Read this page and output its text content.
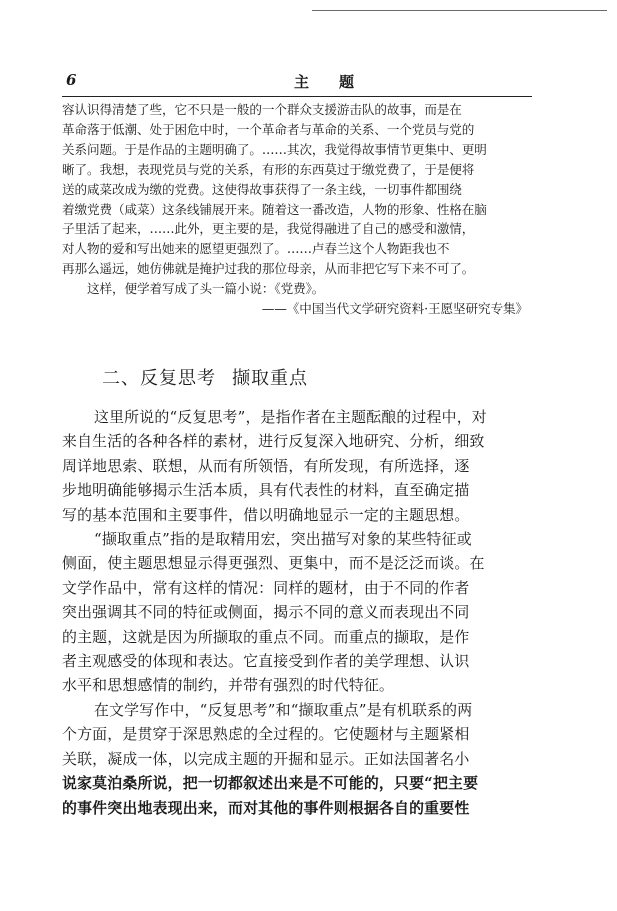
6	主题
容认识得清楚了些，它不只是一般的一个群众支援游击队的故事，而是在
革命落于低潮、处于困危中时，一个革命者与革命的关系、一个党员与党的
关系问题。于是作品的主题明确了。……其次，我觉得故事情节更集中、更明
晰了。我想，表现党员与党的关系，有形的东西莫过于缴党费了，于是便将
送的咸菜改成为缴的党费。这使得故事获得了一条主线，一切事件都围绕
着缴党费（咸菜）这条线铺展开来。随着这一番改造，人物的形象、性格在脑
子里活了起来，……此外，更主要的是，我觉得融进了自己的感受和激情，
对人物的爱和写出她来的愿望更强烈了。……卢春兰这个人物距我也不
再那么遥远，她仿佛就是掩护过我的那位母亲，从而非把它写下来不可了。
这样，便学着写成了头一篇小说：《党费》。
——《中国当代文学研究资料·王愿坚研究专集》
二、反复思考 撷取重点
这里所说的“反复思考”，是指作者在主题酝酿的过程中，对
来自生活的各种各样的素材，进行反复深入地研究、分析，细致
周详地思索、联想，从而有所领悟，有所发现，有所选择，逐
步地明确能够揭示生活本质，具有代表性的材料，直至确定描
写的基本范围和主要事件，借以明确地显示一定的主题思想。
“撷取重点”指的是取精用宏，突出描写对象的某些特征或
侧面，使主题思想显示得更强烈、更集中，而不是泛泛而谈。在
文学作品中，常有这样的情况：同样的题材，由于不同的作者
突出强调其不同的特征或侧面，揭示不同的意义而表现出不同
的主题，这就是因为所撷取的重点不同。而重点的撷取，是作
者主观感受的体现和表达。它直接受到作者的美学理想、认识
水平和思想感情的制约，并带有强烈的时代特征。
在文学写作中，“反复思考”和“撷取重点”是有机联系的两
个方面，是贯穿于深思熟虑的全过程的。它使题材与主题紧相
关联，凝成一体，以完成主题的开掘和显示。正如法国著名小
说家莫泊桑所说，把一切都叙述出来是不可能的，只要“把主要
的事件突出地表现出来，而对其他的事件则根据各自的重要性
